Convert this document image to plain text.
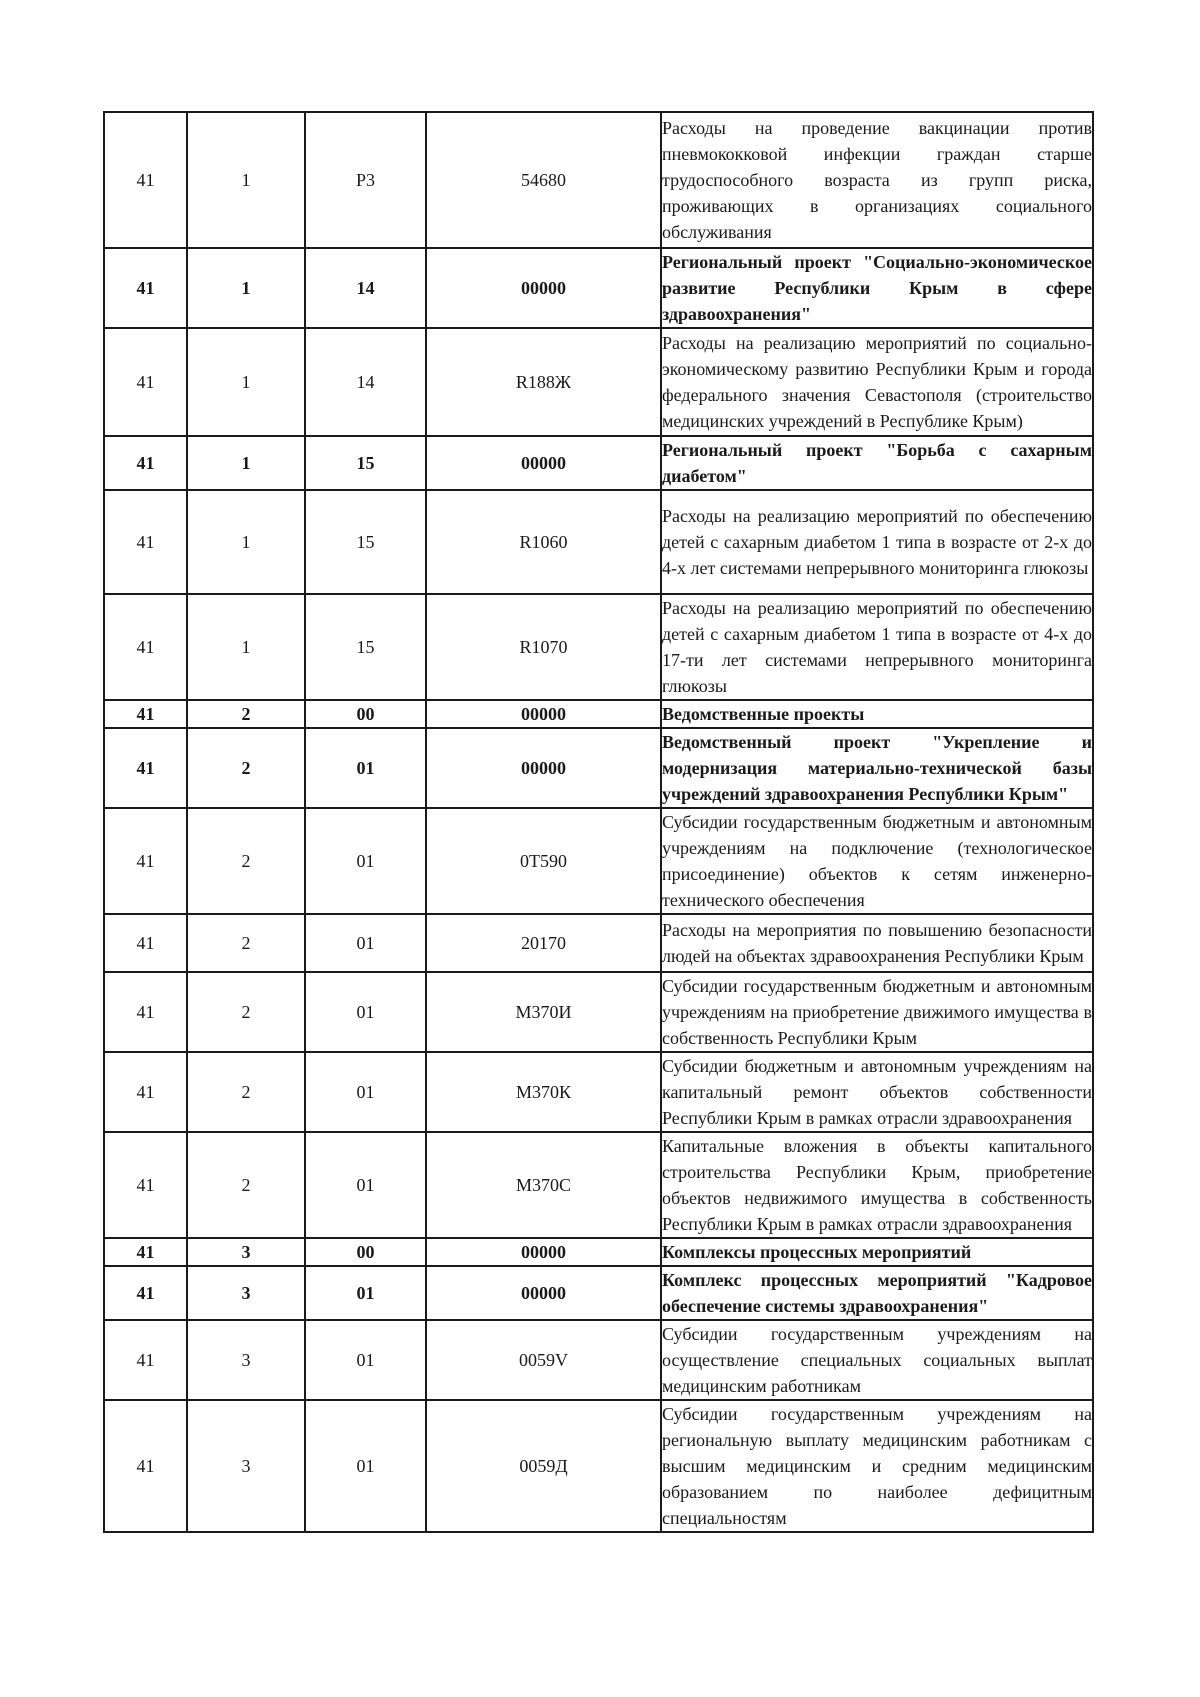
41	1	Р3	54680	Расходы на проведение вакцинации против пневмококковой инфекции граждан старше трудоспособного возраста из групп риска, проживающих в организациях социального обслуживания
41	1	14	00000	Региональный проект "Социально-экономическое развитие Республики Крым в сфере здравоохранения"
41	1	14	R188Ж	Расходы на реализацию мероприятий по социально-экономическому развитию Республики Крым и города федерального значения Севастополя (строительство медицинских учреждений в Республике Крым)
41	1	15	00000	Региональный проект "Борьба с сахарным диабетом"
41	1	15	R1060	Расходы на реализацию мероприятий по обеспечению детей с сахарным диабетом 1 типа в возрасте от 2-х до 4-х лет системами непрерывного мониторинга глюкозы
41	1	15	R1070	Расходы на реализацию мероприятий по обеспечению детей с сахарным диабетом 1 типа в возрасте от 4-х до 17-ти лет системами непрерывного мониторинга глюкозы
41	2	00	00000	Ведомственные проекты
41	2	01	00000	Ведомственный проект "Укрепление и модернизация материально-технической базы учреждений здравоохранения Республики Крым"
41	2	01	0Т590	Субсидии государственным бюджетным и автономным учреждениям на подключение (технологическое присоединение) объектов к сетям инженерно-технического обеспечения
41	2	01	20170	Расходы на мероприятия по повышению безопасности людей на объектах здравоохранения Республики Крым
41	2	01	М370И	Субсидии государственным бюджетным и автономным учреждениям на приобретение движимого имущества в собственность Республики Крым
41	2	01	М370К	Субсидии бюджетным и автономным учреждениям на капитальный ремонт объектов собственности Республики Крым в рамках отрасли здравоохранения
41	2	01	М370С	Капитальные вложения в объекты капитального строительства Республики Крым, приобретение объектов недвижимого имущества в собственность Республики Крым в рамках отрасли здравоохранения
41	3	00	00000	Комплексы процессных мероприятий
41	3	01	00000	Комплекс процессных мероприятий "Кадровое обеспечение системы здравоохранения"
41	3	01	0059V	Субсидии государственным учреждениям на осуществление специальных социальных выплат медицинским работникам
41	3	01	0059Д	Субсидии государственным учреждениям на региональную выплату медицинским работникам с высшим медицинским и средним медицинским образованием по наиболее дефицитным специальностям
